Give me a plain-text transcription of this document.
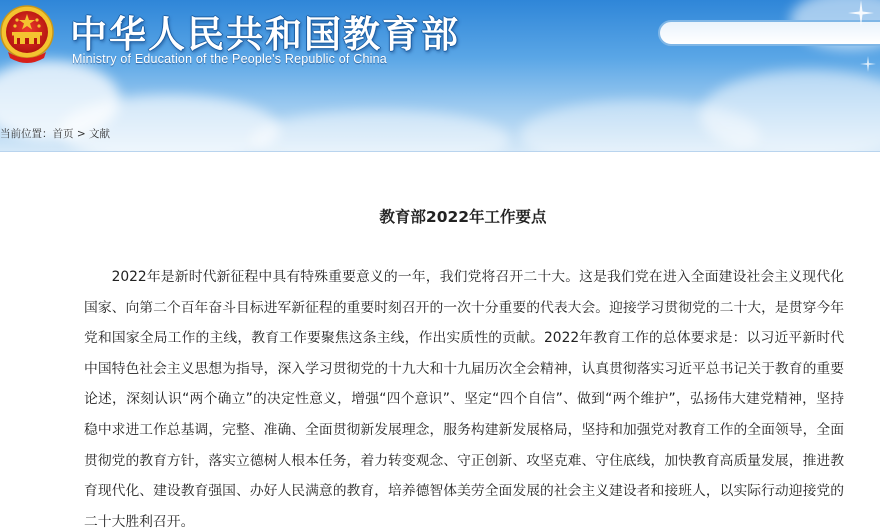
中华人民共和国教育部

Ministry of Education of the People's Republic of China

当前位置：首页 > 文献
教育部2022年工作要点

2022年是新时代新征程中具有特殊重要意义的一年，我们党将召开二十大。这是我们党在进入全面建设社会主义现代化国家、向第二个百年奋斗目标进军新征程的重要时刻召开的一次十分重要的代表大会。迎接学习贯彻党的二十大，是贯穿今年党和国家全局工作的主线，教育工作要聚焦这条主线，作出实质性的贡献。2022年教育工作的总体要求是：以习近平新时代中国特色社会主义思想为指导，深入学习贯彻党的十九大和十九届历次全会精神，认真贯彻落实习近平总书记关于教育的重要论述，深刻认识“两个确立”的决定性意义，增强“四个意识”、坚定“四个自信”、做到“两个维护”，弘扬伟大建党精神，坚持稳中求进工作总基调，完整、准确、全面贯彻新发展理念，服务构建新发展格局，坚持和加强党对教育工作的全面领导，全面贯彻党的教育方针，落实立德树人根本任务，着力转变观念、守正创新、攻坚克难、守住底线，加快教育高质量发展，推进教育现代化、建设教育强国、办好人民满意的教育，培养德智体美劳全面发展的社会主义建设者和接班人，以实际行动迎接党的二十大胜利召开。
